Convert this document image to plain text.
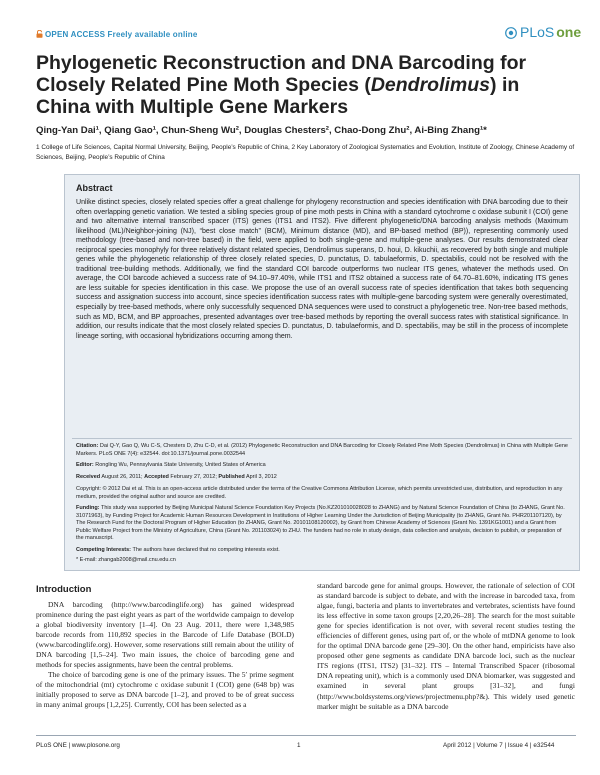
OPEN ACCESS Freely available online	PLoS one
Phylogenetic Reconstruction and DNA Barcoding for Closely Related Pine Moth Species (Dendrolimus) in China with Multiple Gene Markers
Qing-Yan Dai¹, Qiang Gao¹, Chun-Sheng Wu², Douglas Chesters², Chao-Dong Zhu², Ai-Bing Zhang¹*
1 College of Life Sciences, Capital Normal University, Beijing, People’s Republic of China, 2 Key Laboratory of Zoological Systematics and Evolution, Institute of Zoology, Chinese Academy of Sciences, Beijing, People’s Republic of China
Abstract
Unlike distinct species, closely related species offer a great challenge for phylogeny reconstruction and species identification with DNA barcoding due to their often overlapping genetic variation. We tested a sibling species group of pine moth pests in China with a standard cytochrome c oxidase subunit I (COI) gene and two alternative internal transcribed spacer (ITS) genes (ITS1 and ITS2). Five different phylogenetic/DNA barcoding analysis methods (Maximum likelihood (ML)/Neighbor-joining (NJ), “best close match” (BCM), Minimum distance (MD), and BP-based method (BP)), representing commonly used methodology (tree-based and non-tree based) in the field, were applied to both single-gene and multiple-gene analyses. Our results demonstrated clear reciprocal species monophyly for three relatively distant related species, Dendrolimus superans, D. houi, D. kikuchii, as recovered by both single and multiple genes while the phylogenetic relationship of three closely related species, D. punctatus, D. tabulaeformis, D. spectabilis, could not be resolved with the traditional tree-building methods. Additionally, we find the standard COI barcode outperforms two nuclear ITS genes, whatever the methods used. On average, the COI barcode achieved a success rate of 94.10–97.40%, while ITS1 and ITS2 obtained a success rate of 64.70–81.60%, indicating ITS genes are less suitable for species identification in this case. We propose the use of an overall success rate of species identification that takes both sequencing success and assignation success into account, since species identification success rates with multiple-gene barcoding system were generally overestimated, especially by tree-based methods, where only successfully sequenced DNA sequences were used to construct a phylogenetic tree. Non-tree based methods, such as MD, BCM, and BP approaches, presented advantages over tree-based methods by reporting the overall success rates with statistical significance. In addition, our results indicate that the most closely related species D. punctatus, D. tabulaeformis, and D. spectabilis, may be still in the process of incomplete lineage sorting, with occasional hybridizations occurring among them.
Citation: Dai Q-Y, Gao Q, Wu C-S, Chesters D, Zhu C-D, et al. (2012) Phylogenetic Reconstruction and DNA Barcoding for Closely Related Pine Moth Species (Dendrolimus) in China with Multiple Gene Markers. PLoS ONE 7(4): e32544. doi:10.1371/journal.pone.0032544
Editor: Rongling Wu, Pennsylvania State University, United States of America
Received August 26, 2011; Accepted February 27, 2012; Published April 3, 2012
Copyright: © 2012 Dai et al. This is an open-access article distributed under the terms of the Creative Commons Attribution License, which permits unrestricted use, distribution, and reproduction in any medium, provided the original author and source are credited.
Funding: This study was supported by Beijing Municipal Natural Science Foundation Key Projects (No.KZ201010028028 to ZHANG) and by Natural Science Foundation of China (to ZHANG, Grant No. 31071963), by Funding Project for Academic Human Resources Development in Institutions of Higher Learning Under the Jurisdiction of Beijing Municipality (to ZHANG, Grant No. PHR201107120), by The Research Fund for the Doctoral Program of Higher Education (to ZHANG, Grant No. 20101108120002), by Grant from Chinese Academy of Sciences (Grant No. 1391KG1001) and a Grant from Public Welfare Project from the Ministry of Agriculture, China (Grant No. 201103024) to ZHU. The funders had no role in study design, data collection and analysis, decision to publish, or preparation of the manuscript.
Competing Interests: The authors have declared that no competing interests exist.
* E-mail: zhangab2008@mail.cnu.edu.cn
Introduction

DNA barcoding (http://www.barcodinglife.org) has gained widespread prominence during the past eight years as part of the worldwide campaign to develop a global biodiversity inventory [1–4]. On 23 Aug. 2011, there were 1,348,985 barcode records from 110,892 species in the Barcode of Life Database (BOLD) (www.barcodinglife.org). However, some reservations still remain about the utility of DNA barcoding [1,5–24]. Two main issues, the choice of barcoding gene and methods for species assignments, have been the central problems.

The choice of barcoding gene is one of the primary issues. The 5′ prime segment of the mitochondrial (mt) cytochrome c oxidase subunit I (COI) gene (648 bp) was initially proposed to serve as DNA barcode [1–2], and proved to be of great success in many animal groups [1,2,25]. Currently, COI has been selected as a

standard barcode gene for animal groups. However, the rationale of selection of COI as standard barcode is subject to debate, and with the increase in barcoded taxa, from algae, fungi, bacteria and plants to invertebrates and vertebrates, scientists have found its less effective in some taxon groups [2,20,26–28]. The search for the most suitable gene for species identification is not over, with several recent studies testing the efficiencies of different genes, using part of, or the whole of mtDNA genome to look for the optimal DNA barcode gene [29–30]. On the other hand, empiricists have also proposed other gene segments as candidate DNA barcode loci, such as the nuclear ITS regions (ITS1, ITS2) [31–32]. ITS – Internal Transcribed Spacer (ribosomal DNA repeating unit), which is a commonly used DNA biomarker, was suggested and examined in several plant groups [31–32], and fungi (http://www.boldsystems.org/views/projectmenu.php?&). This widely used genetic marker might be suitable as a DNA barcode

PLoS ONE | www.plosone.org	1	April 2012 | Volume 7 | Issue 4 | e32544
